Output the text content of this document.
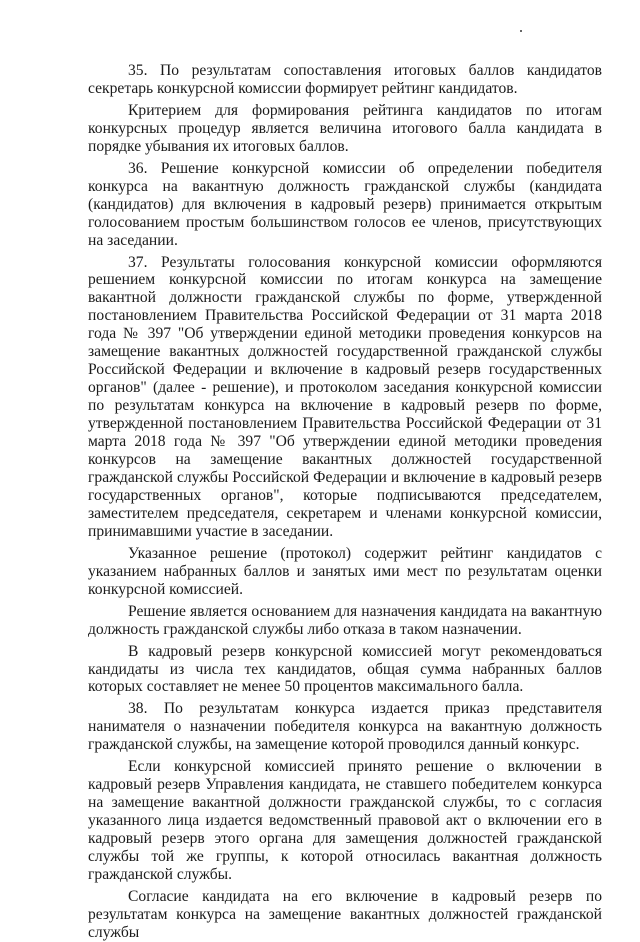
35. По результатам сопоставления итоговых баллов кандидатов секретарь конкурсной комиссии формирует рейтинг кандидатов.

Критерием для формирования рейтинга кандидатов по итогам конкурсных процедур является величина итогового балла кандидата в порядке убывания их итоговых баллов.

36. Решение конкурсной комиссии об определении победителя конкурса на вакантную должность гражданской службы (кандидата (кандидатов) для включения в кадровый резерв) принимается открытым голосованием простым большинством голосов ее членов, присутствующих на заседании.

37. Результаты голосования конкурсной комиссии оформляются решением конкурсной комиссии по итогам конкурса на замещение вакантной должности гражданской службы по форме, утвержденной постановлением Правительства Российской Федерации от 31 марта 2018 года № 397 "Об утверждении единой методики проведения конкурсов на замещение вакантных должностей государственной гражданской службы Российской Федерации и включение в кадровый резерв государственных органов" (далее - решение), и протоколом заседания конкурсной комиссии по результатам конкурса на включение в кадровый резерв по форме, утвержденной постановлением Правительства Российской Федерации от 31 марта 2018 года № 397 "Об утверждении единой методики проведения конкурсов на замещение вакантных должностей государственной гражданской службы Российской Федерации и включение в кадровый резерв государственных органов", которые подписываются председателем, заместителем председателя, секретарем и членами конкурсной комиссии, принимавшими участие в заседании.

Указанное решение (протокол) содержит рейтинг кандидатов с указанием набранных баллов и занятых ими мест по результатам оценки конкурсной комиссией.

Решение является основанием для назначения кандидата на вакантную должность гражданской службы либо отказа в таком назначении.

В кадровый резерв конкурсной комиссией могут рекомендоваться кандидаты из числа тех кандидатов, общая сумма набранных баллов которых составляет не менее 50 процентов максимального балла.

38. По результатам конкурса издается приказ представителя нанимателя о назначении победителя конкурса на вакантную должность гражданской службы, на замещение которой проводился данный конкурс.

Если конкурсной комиссией принято решение о включении в кадровый резерв Управления кандидата, не ставшего победителем конкурса на замещение вакантной должности гражданской службы, то с согласия указанного лица издается ведомственный правовой акт о включении его в кадровый резерв этого органа для замещения должностей гражданской службы той же группы, к которой относилась вакантная должность гражданской службы.

Согласие кандидата на его включение в кадровый резерв по результатам конкурса на замещение вакантных должностей гражданской службы
